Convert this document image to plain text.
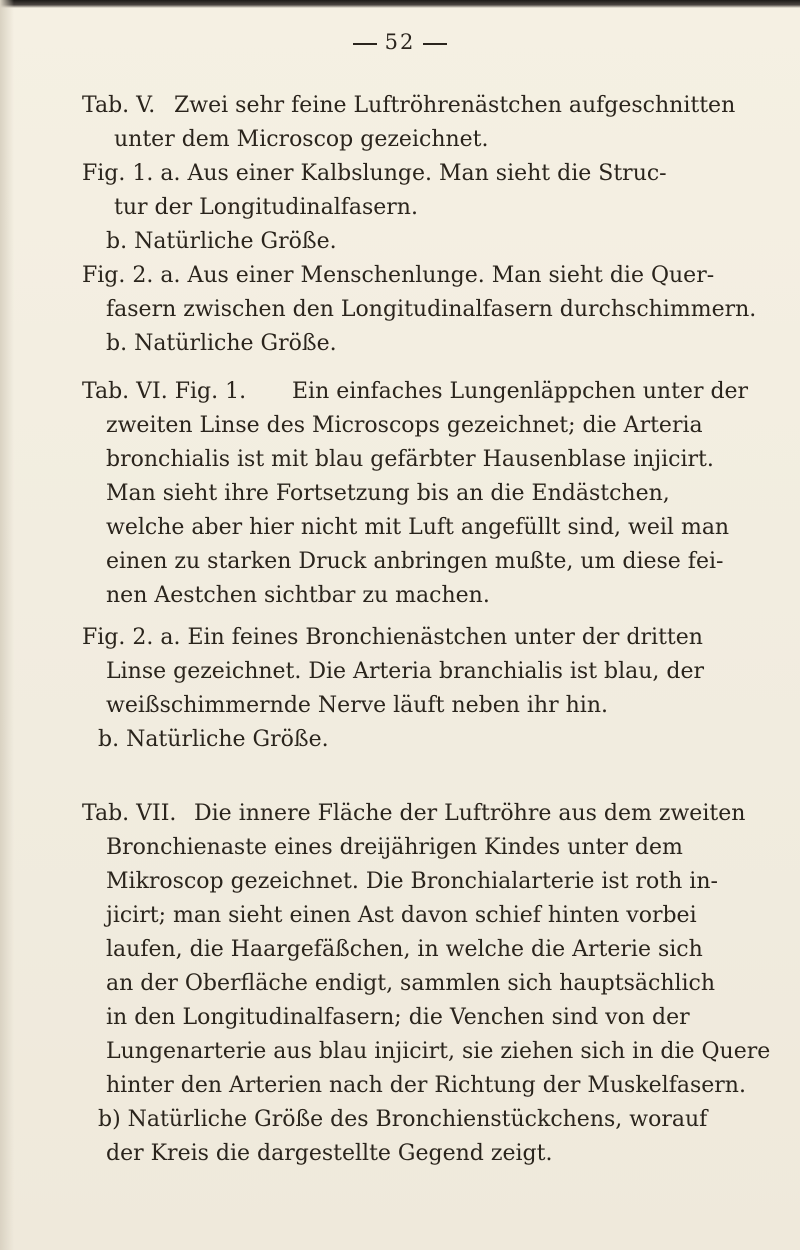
52
Tab. V. Zwei sehr feine Luftröhrenästchen aufgeschnitten
unter dem Microscop gezeichnet.
Fig. 1. a. Aus einer Kalbslunge. Man sieht die Struc-
tur der Longitudinalfasern.
b. Natürliche Größe.
Fig. 2. a. Aus einer Menschenlunge. Man sieht die Quer-
fasern zwischen den Longitudinalfasern durchschimmern.
b. Natürliche Größe.
Tab. VI. Fig. 1. Ein einfaches Lungenläppchen unter der
zweiten Linse des Microscops gezeichnet; die Arteria
bronchialis ist mit blau gefärbter Hausenblase injicirt.
Man sieht ihre Fortsetzung bis an die Endästchen,
welche aber hier nicht mit Luft angefüllt sind, weil man
einen zu starken Druck anbringen mußte, um diese fei-
nen Aestchen sichtbar zu machen.
Fig. 2. a. Ein feines Bronchienästchen unter der dritten
Linse gezeichnet. Die Arteria branchialis ist blau, der
weißschimmernde Nerve läuft neben ihr hin.
b. Natürliche Größe.
Tab. VII. Die innere Fläche der Luftröhre aus dem zweiten
Bronchienaste eines dreijährigen Kindes unter dem
Mikroscop gezeichnet. Die Bronchialarterie ist roth in-
jicirt; man sieht einen Ast davon schief hinten vorbei
laufen, die Haargefäßchen, in welche die Arterie sich
an der Oberfläche endigt, sammlen sich hauptsächlich
in den Longitudinalfasern; die Venchen sind von der
Lungenarterie aus blau injicirt, sie ziehen sich in die Quere
hinter den Arterien nach der Richtung der Muskelfasern.
b) Natürliche Größe des Bronchienstückchens, worauf
der Kreis die dargestellte Gegend zeigt.
